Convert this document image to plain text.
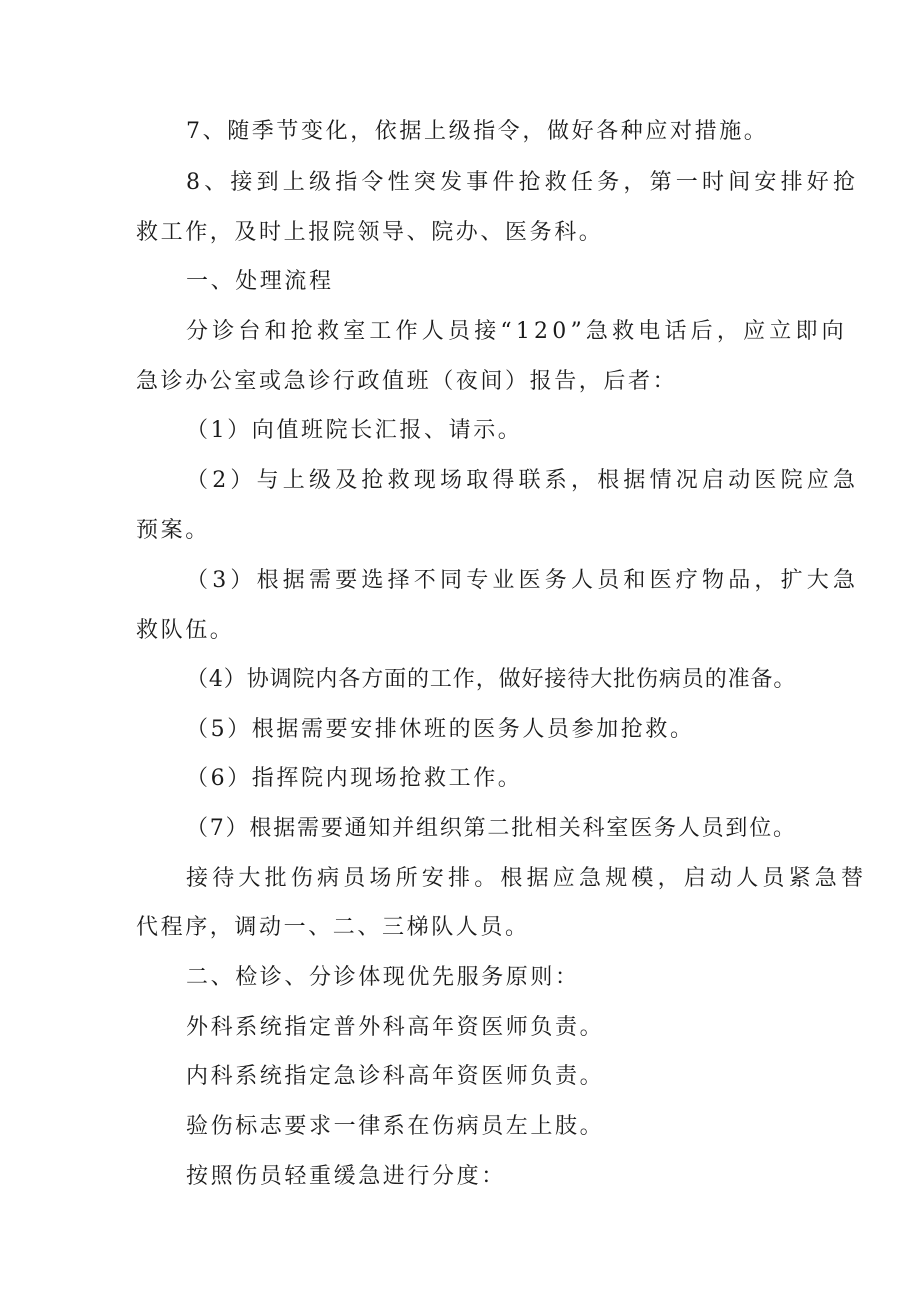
7、随季节变化，依据上级指令，做好各种应对措施。
8、接到上级指令性突发事件抢救任务，第一时间安排好抢
救工作，及时上报院领导、院办、医务科。
一、处理流程
分诊台和抢救室工作人员接“120”急救电话后，应立即向
急诊办公室或急诊行政值班（夜间）报告，后者：
（1）向值班院长汇报、请示。
（2）与上级及抢救现场取得联系，根据情况启动医院应急
预案。
（3）根据需要选择不同专业医务人员和医疗物品，扩大急
救队伍。
（4）协调院内各方面的工作，做好接待大批伤病员的准备。
（5）根据需要安排休班的医务人员参加抢救。
（6）指挥院内现场抢救工作。
（7）根据需要通知并组织第二批相关科室医务人员到位。
接待大批伤病员场所安排。根据应急规模，启动人员紧急替
代程序，调动一、二、三梯队人员。
二、检诊、分诊体现优先服务原则：
外科系统指定普外科高年资医师负责。
内科系统指定急诊科高年资医师负责。
验伤标志要求一律系在伤病员左上肢。
按照伤员轻重缓急进行分度：
